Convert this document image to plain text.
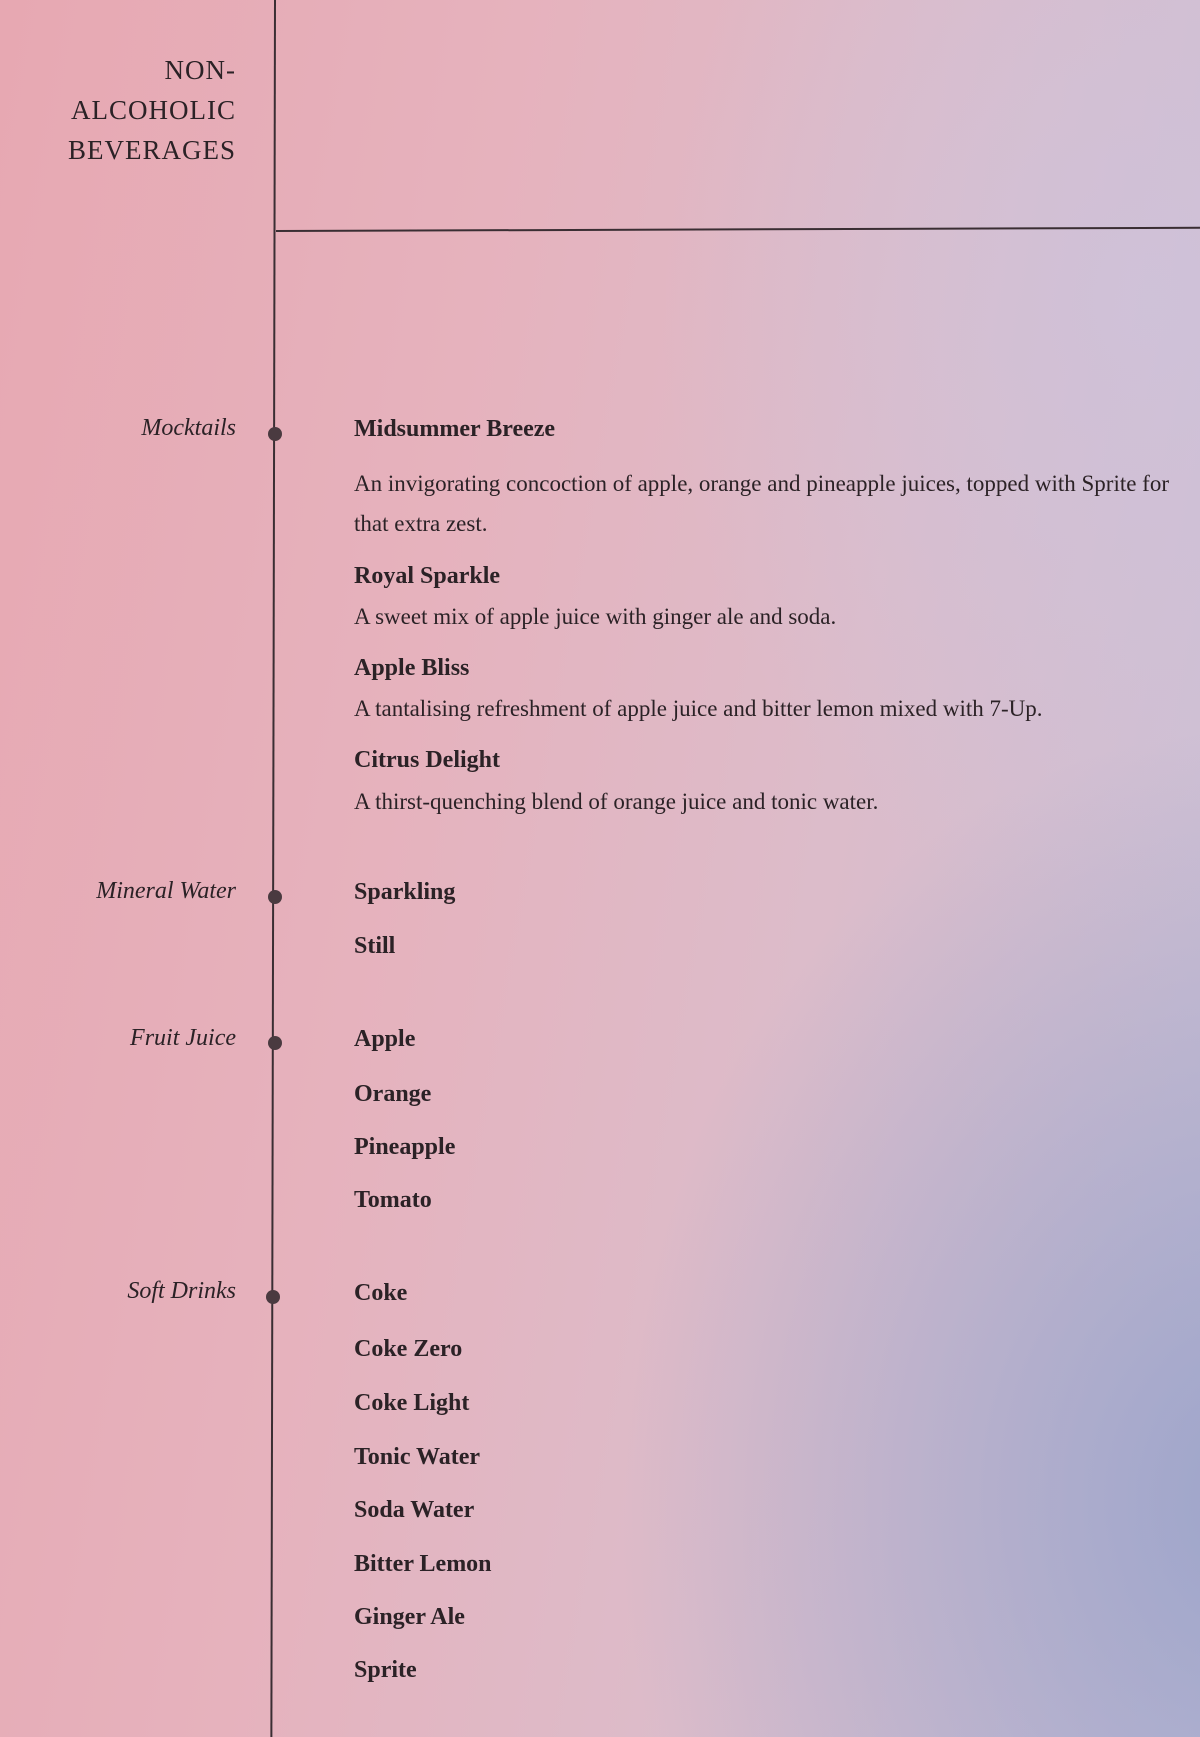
NON-
ALCOHOLIC
BEVERAGES
Mocktails	Midsummer Breeze
An invigorating concoction of apple, orange and pineapple juices, topped with Sprite for that extra zest.
Royal Sparkle
A sweet mix of apple juice with ginger ale and soda.
Apple Bliss
A tantalising refreshment of apple juice and bitter lemon mixed with 7-Up.
Citrus Delight
A thirst-quenching blend of orange juice and tonic water.
Mineral Water	Sparkling
Still
Fruit Juice	Apple
Orange
Pineapple
Tomato
Soft Drinks	Coke
Coke Zero
Coke Light
Tonic Water
Soda Water
Bitter Lemon
Ginger Ale
Sprite
